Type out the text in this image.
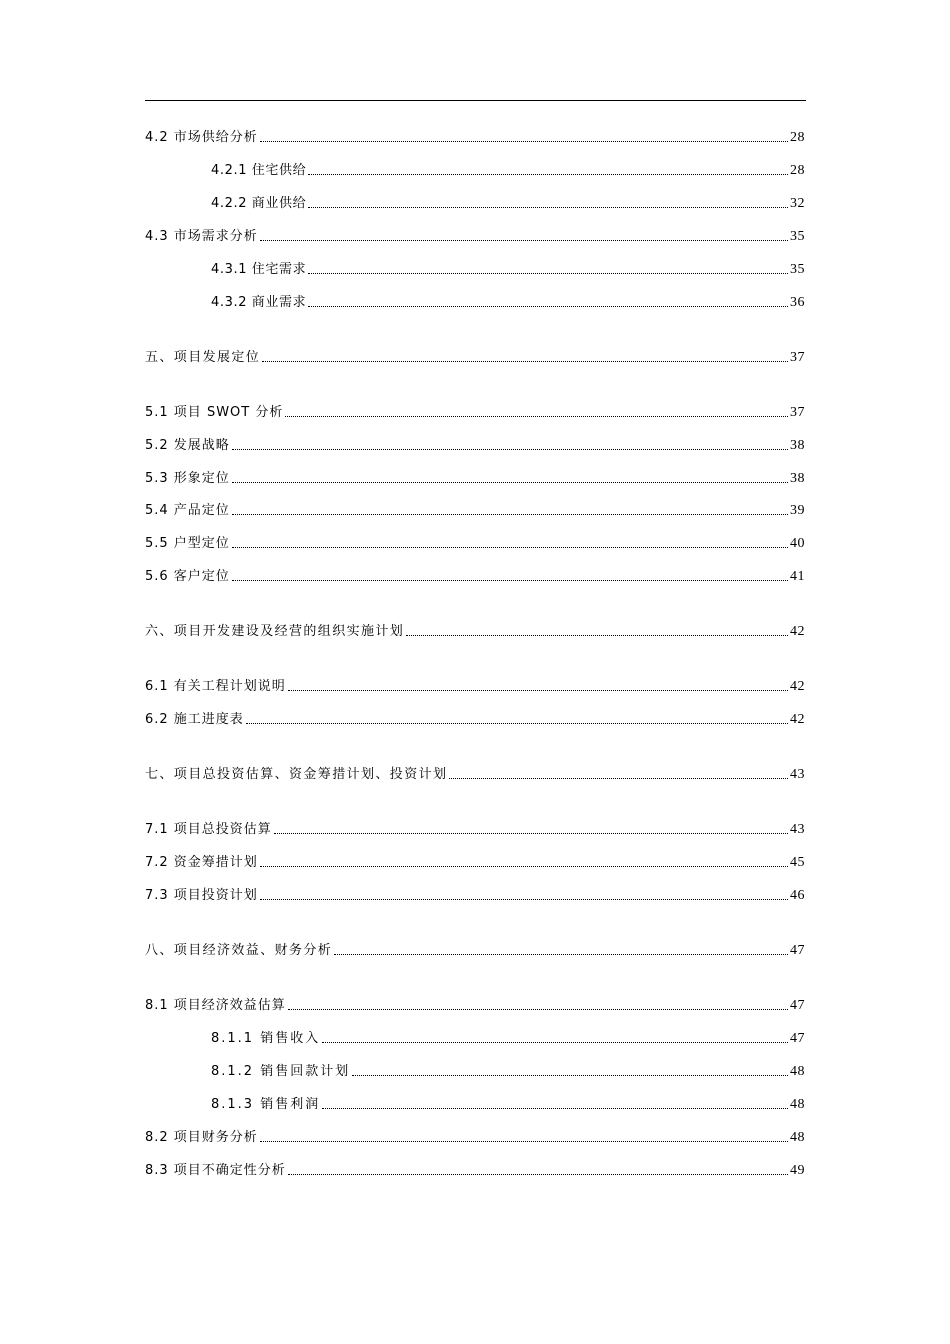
4.2 市场供给分析	28
4.2.1 住宅供给	28
4.2.2 商业供给	32
4.3 市场需求分析	35
4.3.1 住宅需求	35
4.3.2 商业需求	36
五、项目发展定位	37
5.1 项目 SWOT 分析	37
5.2 发展战略	38
5.3 形象定位	38
5.4 产品定位	39
5.5 户型定位	40
5.6 客户定位	41
六、项目开发建设及经营的组织实施计划	42
6.1 有关工程计划说明	42
6.2 施工进度表	42
七、项目总投资估算、资金筹措计划、投资计划	43
7.1 项目总投资估算	43
7.2 资金筹措计划	45
7.3 项目投资计划	46
八、项目经济效益、财务分析	47
8.1 项目经济效益估算	47
8.1.1 销售收入	47
8.1.2 销售回款计划	48
8.1.3 销售利润	48
8.2 项目财务分析	48
8.3 项目不确定性分析	49
